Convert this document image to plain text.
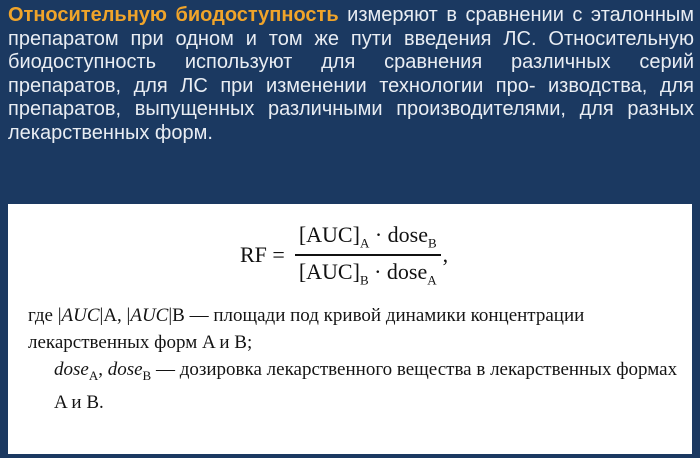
Относительную биодоступность измеряют в сравнении с эталонным препаратом при одном и том же пути введения ЛС. Относительную биодоступность используют для сравнения различных серий препаратов, для ЛС при изменении технологии про- изводства, для препаратов, выпущенных различными производителями, для разных лекарственных форм.
RF = $\frac{[AUC]_A \cdot dose_B}{[AUC]_B \cdot dose_A}$ ,
где |AUC|A, |AUC|B — площади под кривой динамики концентрации лекарственных форм A и B;
dose$_A$, dose$_B$ — дозировка лекарственного вещества в лекарственных формах A и B.
